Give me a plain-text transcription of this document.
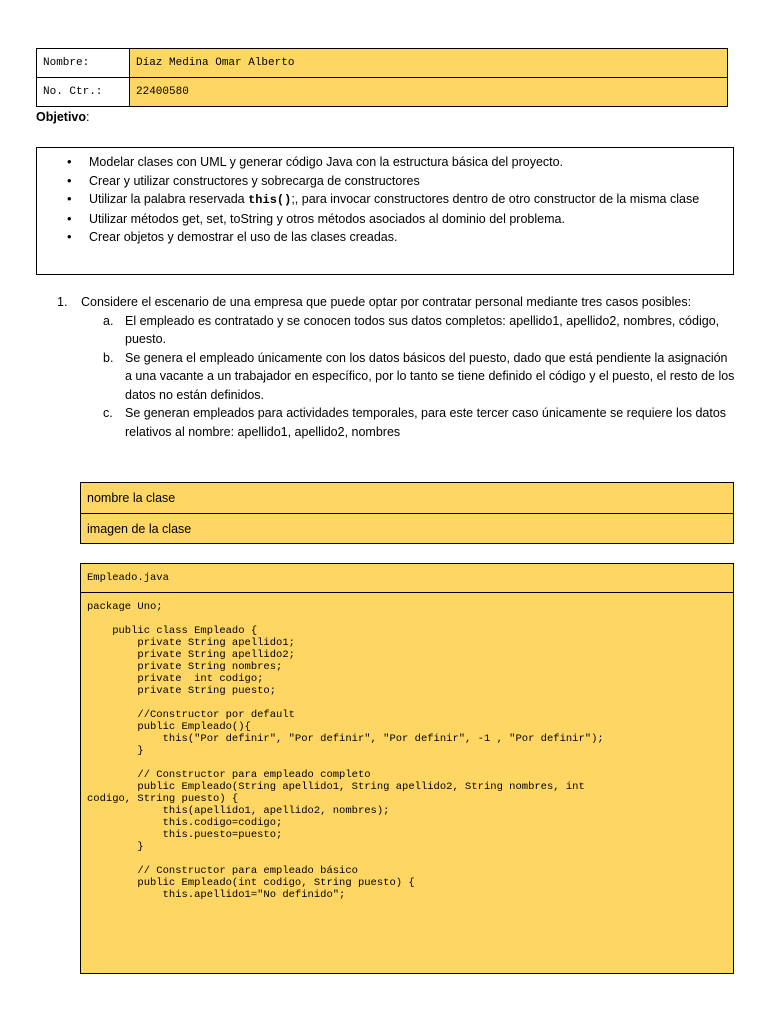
Nombre:	Díaz Medina Omar Alberto
No. Ctr.:	22400580
Objetivo:
• Modelar clases con UML y generar código Java con la estructura básica del proyecto.
• Crear y utilizar constructores y sobrecarga de constructores
• Utilizar la palabra reservada this();, para invocar constructores dentro de otro constructor de la misma clase
• Utilizar métodos get, set, toString y otros métodos asociados al dominio del problema.
• Crear objetos y demostrar el uso de las clases creadas.
1.	Considere el escenario de una empresa que puede optar por contratar personal mediante tres casos posibles:
a. El empleado es contratado y se conocen todos sus datos completos: apellido1, apellido2, nombres, código, puesto.
b. Se genera el empleado únicamente con los datos básicos del puesto, dado que está pendiente la asignación a una vacante a un trabajador en específico, por lo tanto se tiene definido el código y el puesto, el resto de los datos no están definidos.
c. Se generan empleados para actividades temporales, para este tercer caso únicamente se requiere los datos relativos al nombre: apellido1, apellido2, nombres
nombre la clase
imagen de la clase
Empleado.java
package Uno;

public class Empleado {
private String apellido1;
private String apellido2;
private String nombres;
private  int codigo;
private String puesto;

//Constructor por default
public Empleado(){
this("Por definir", "Por definir", "Por definir", -1 , "Por definir");
}

// Constructor para empleado completo
public Empleado(String apellido1, String apellido2, String nombres, int
codigo, String puesto) {
this(apellido1, apellido2, nombres);
this.codigo=codigo;
this.puesto=puesto;
}

// Constructor para empleado básico
public Empleado(int codigo, String puesto) {
this.apellido1="No definido";
